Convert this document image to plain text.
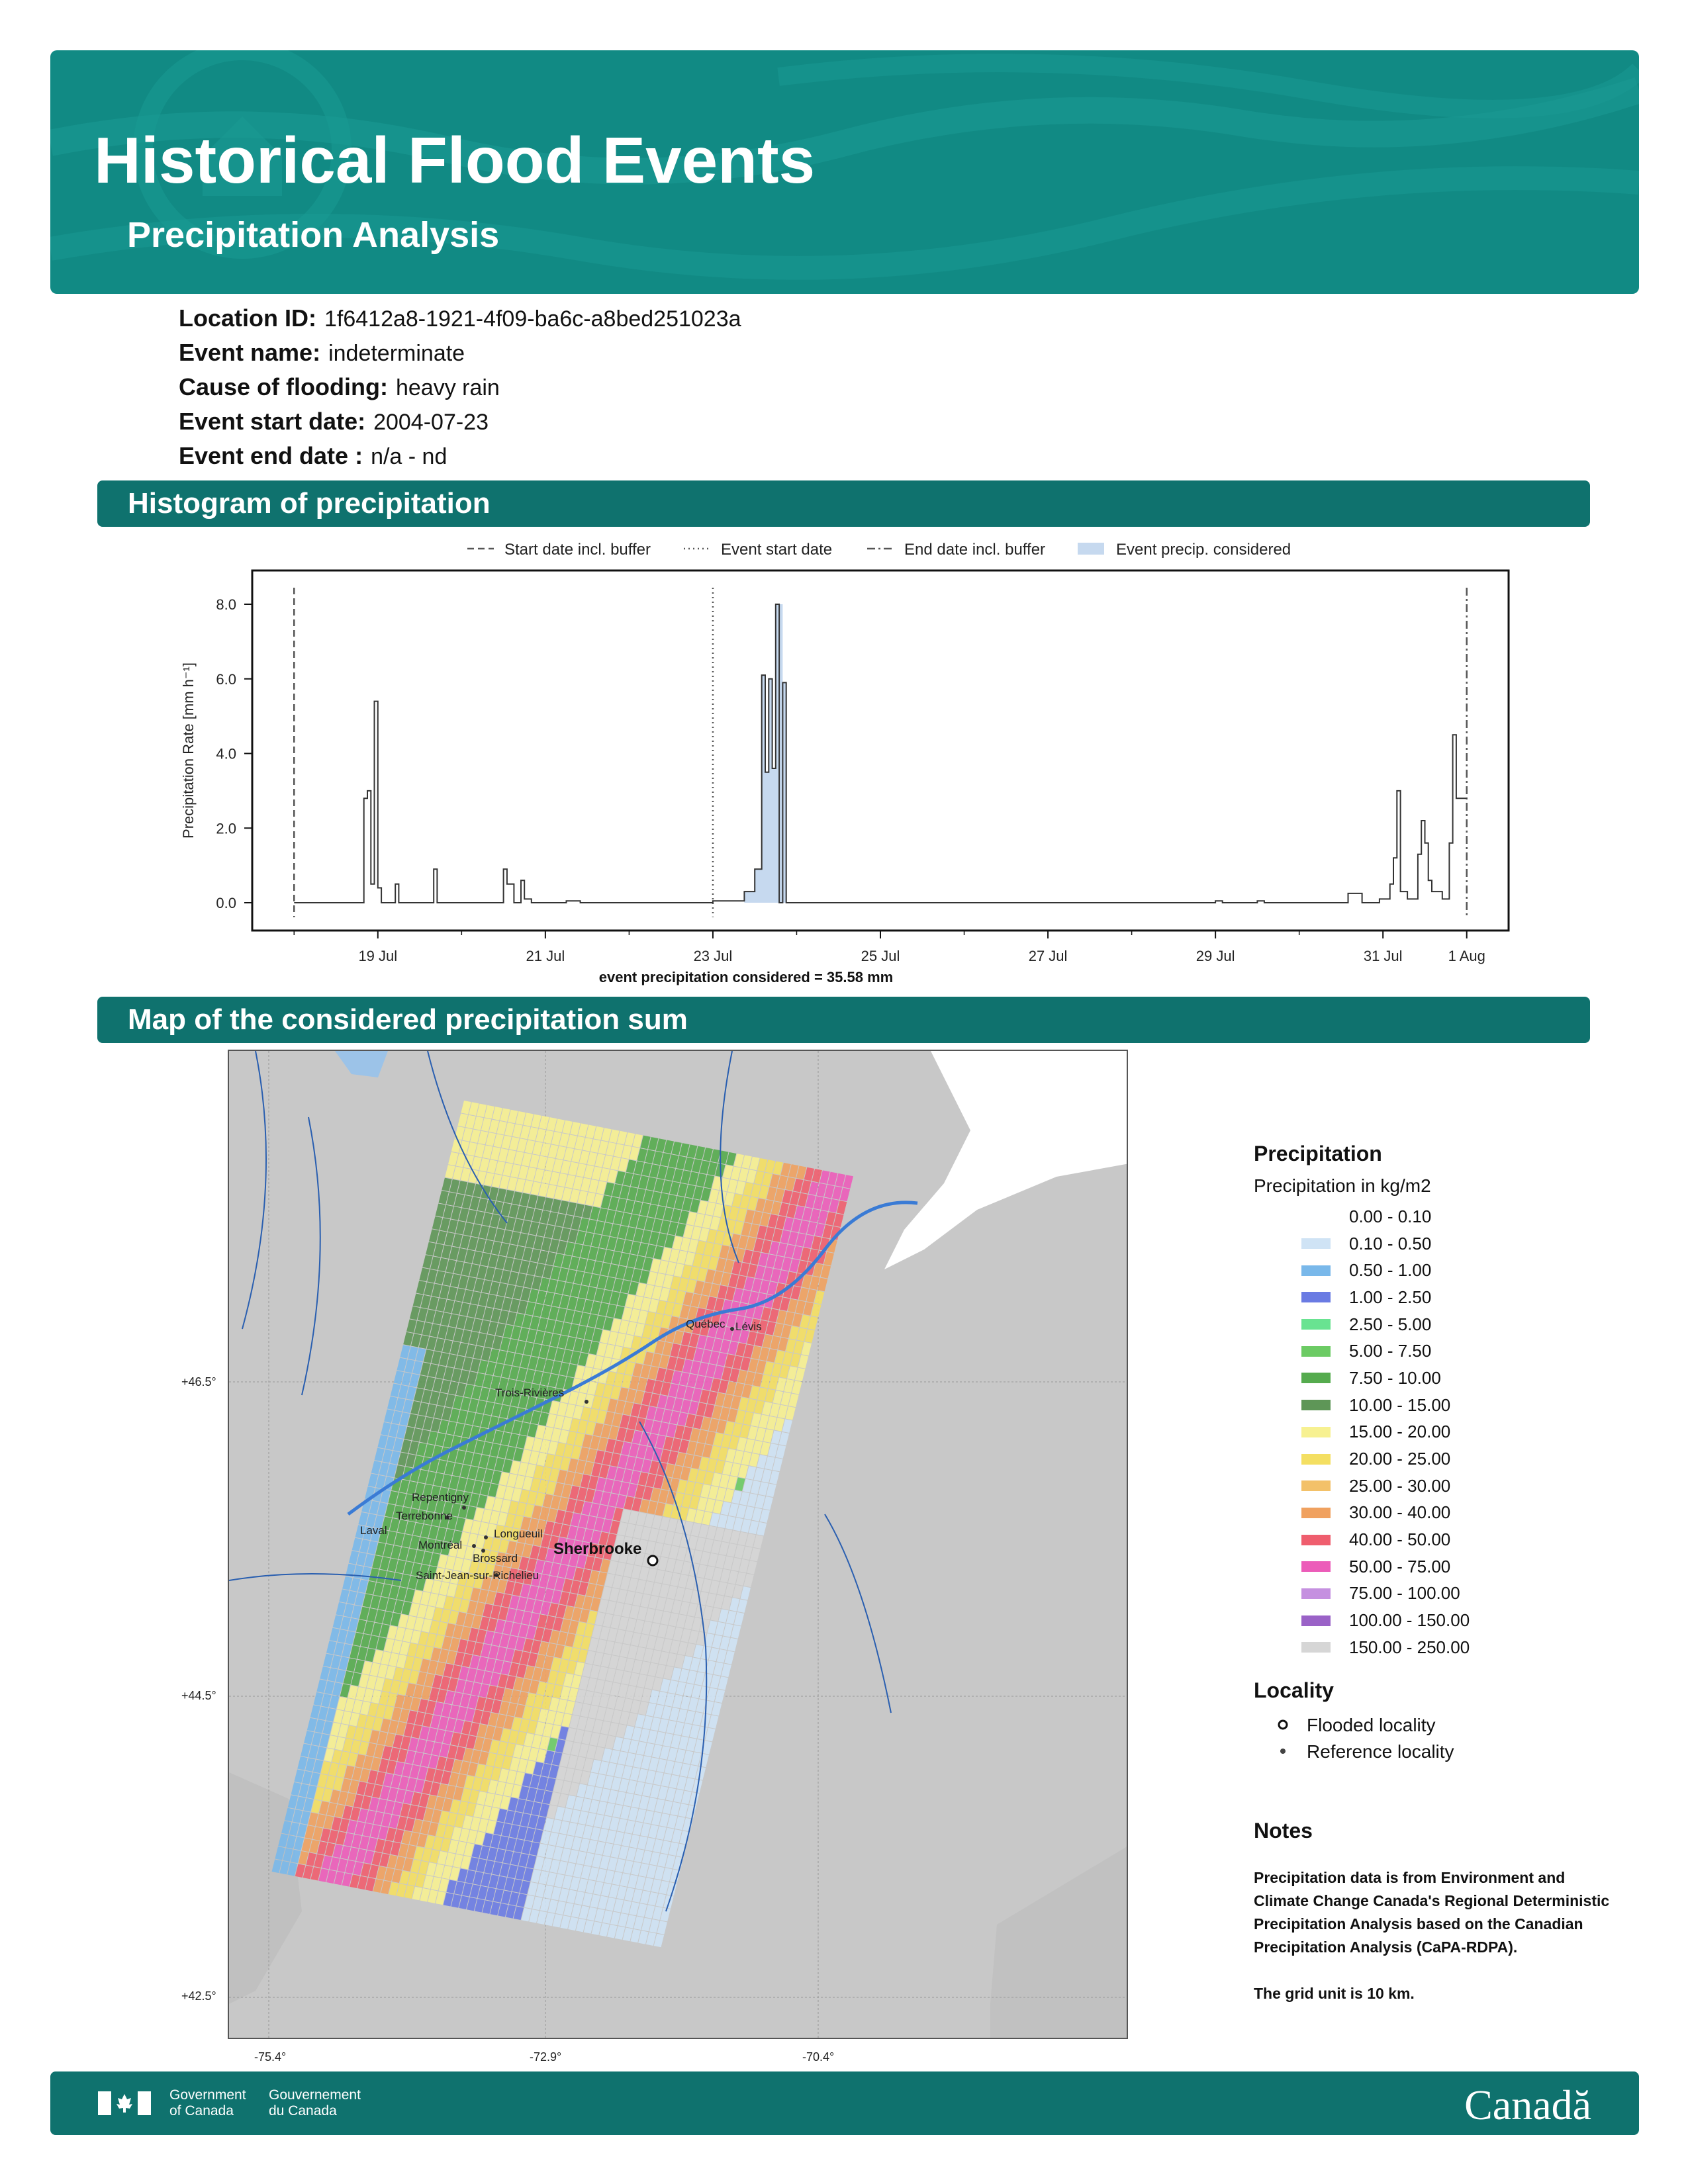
Historical Flood Events
Precipitation Analysis
Location ID: 1f6412a8-1921-4f09-ba6c-a8bed251023a
Event name: indeterminate
Cause of flooding: heavy rain
Event start date: 2004-07-23
Event end date : n/a - nd
Histogram of precipitation
Start date incl. buffer	Event start date	End date incl. buffer	Event precip. considered
0.0
2.0
4.0
6.0
8.0
19 Jul	21 Jul	23 Jul	25 Jul	27 Jul	29 Jul	31 Jul	1 Aug
Precipitation Rate [mm h⁻¹]
event precipitation considered = 35.58 mm
Map of the considered precipitation sum
Sherbrooke
Québec Lévis
Trois-Rivières
Repentigny
Terrebonne
Laval	Longueuil
Montréal
Brossard
Saint-Jean-sur-Richelieu
+46.5°
+44.5°
+42.5°
-75.4°	-72.9°	-70.4°
Precipitation
Precipitation in kg/m2
0.00 - 0.10
0.10 - 0.50
0.50 - 1.00
1.00 - 2.50
2.50 - 5.00
5.00 - 7.50
7.50 - 10.00
10.00 - 15.00
15.00 - 20.00
20.00 - 25.00
25.00 - 30.00
30.00 - 40.00
40.00 - 50.00
50.00 - 75.00
75.00 - 100.00
100.00 - 150.00
150.00 - 250.00
Locality
Flooded locality
Reference locality
Notes
Precipitation data is from Environment and Climate Change Canada's Regional Deterministic Precipitation Analysis based on the Canadian Precipitation Analysis (CaPA-RDPA).
The grid unit is 10 km.
Government
of Canada
Gouvernement
du Canada	Canadă
